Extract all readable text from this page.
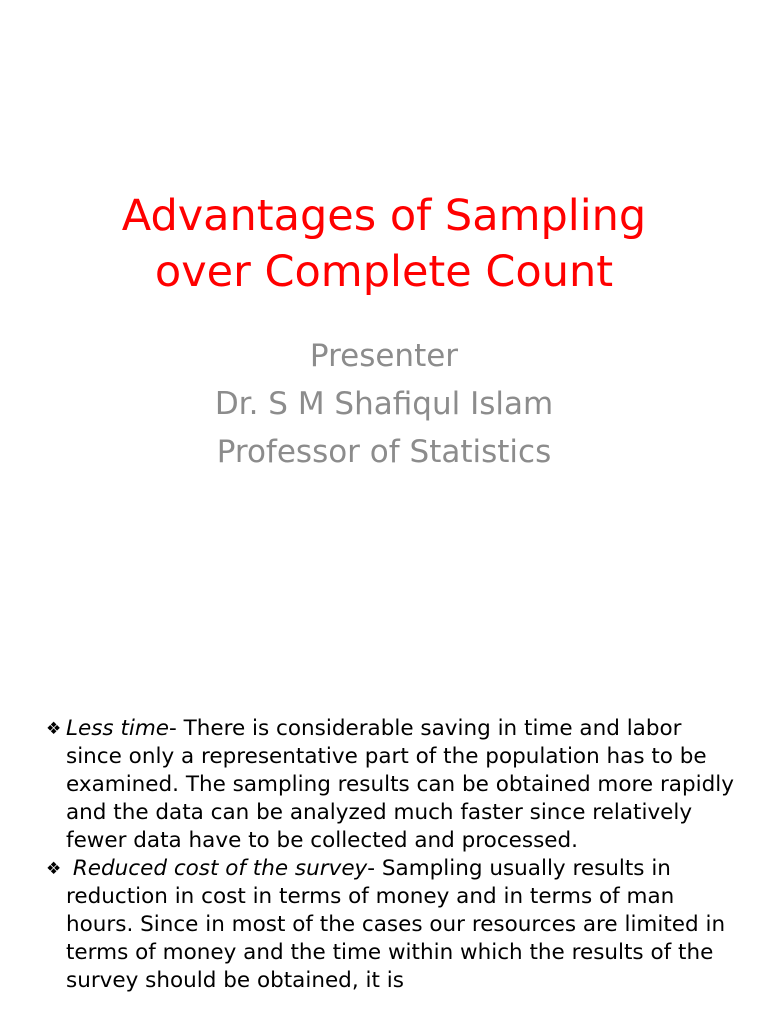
Advantages of Sampling
over Complete Count
Presenter
Dr. S M Shafiqul Islam
Professor of Statistics

❖ Less time- There is considerable saving in time and labor since only a representative part of the population has to be examined. The sampling results can be obtained more rapidly and the data can be analyzed much faster since relatively fewer data have to be collected and processed.

❖ Reduced cost of the survey- Sampling usually results in reduction in cost in terms of money and in terms of man hours. Since in most of the cases our resources are limited in terms of money and the time within which the results of the survey should be obtained, it is
